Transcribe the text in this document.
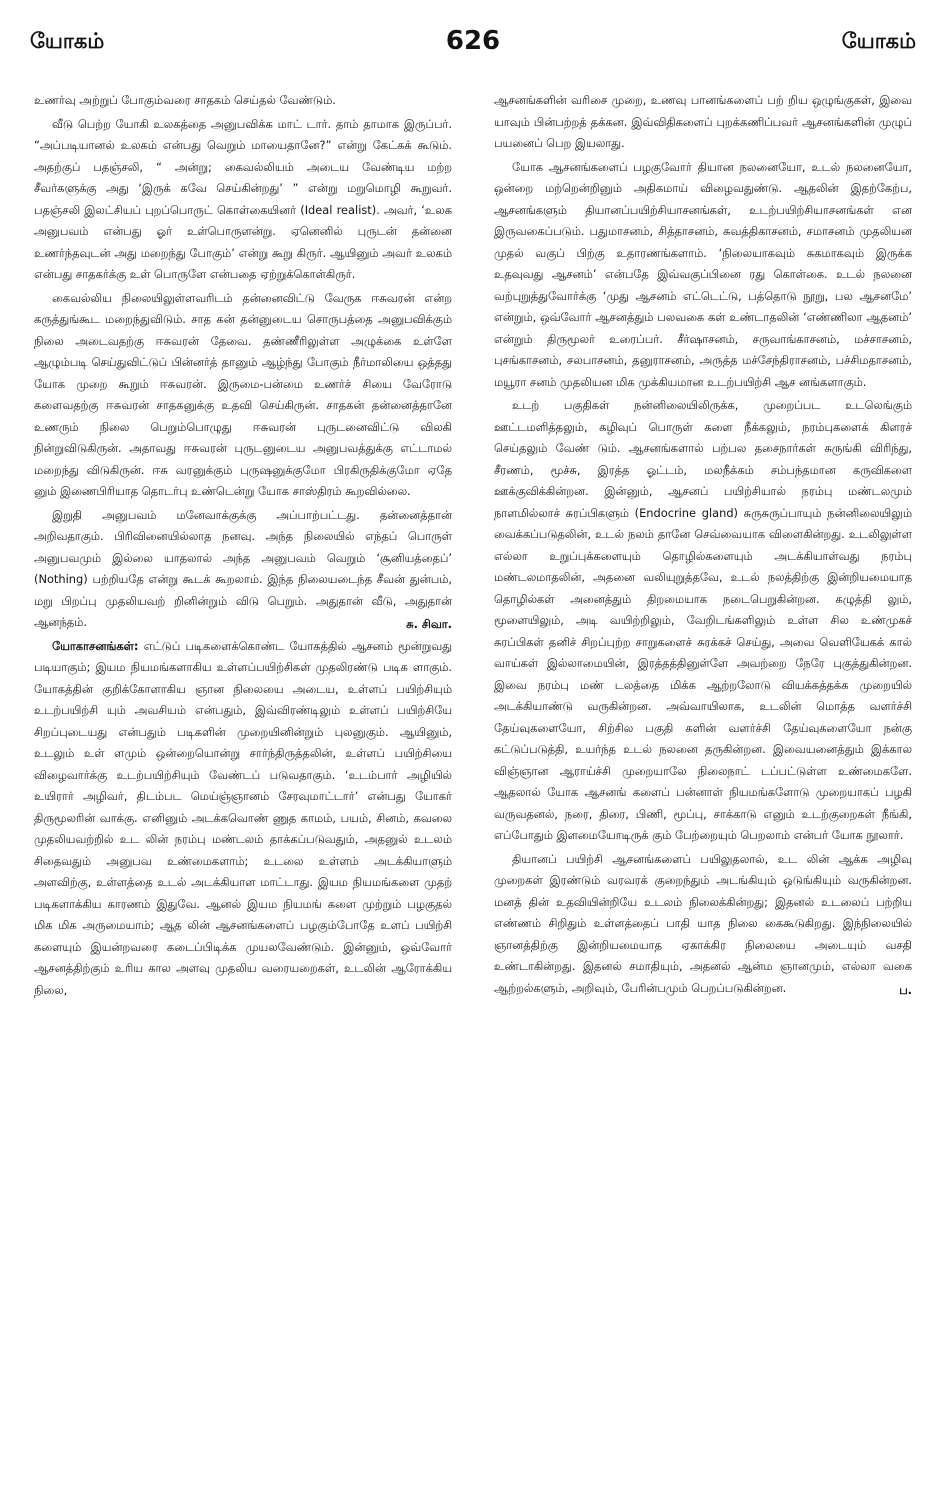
யோகம்	626	யோகம்

உணர்வு அற்றுப் போகும்வரை சாதகம் செய்தல் வேண்டும்.

வீடு பெற்ற யோகி உலகத்தை அனுபவிக்க மாட் டார். தாம் தாமாக இருப்பர். “அப்படியானல் உலகம் என்பது வெறும் மாயைதானே?” என்று கேட்கக் கூடும். அதற்குப் பதஞ்சலி, “ அன்று; கைவல்லியம் அடைய வேண்டிய மற்ற சீவர்களுக்கு அது ‘இருக் கவே செய்கின்றது’ ” என்று மறுமொழி கூறுவர். பதஞ்சலி இலட்சியப் புறப்பொருட் கொள்கையினர் (Ideal realist). அவர், ‘உலக அனுபவம் என்பது ஓர் உள்பொருளன்று. ஏனெனில் புருடன் தன்னை உணர்ந்தவுடன் அது மறைந்து போகும்’ என்று கூறு கிருர். ஆயினும் அவர் உலகம் என்பது சாதகர்க்கு உள் பொருளே என்பதை ஏற்றுக்கொள்கிருர்.

கைவல்லிய நிலையிலுள்ளவரிடம் தன்னைவிட்டு வேருக ஈசுவரன் என்ற கருத்துங்கூட மறைந்துவிடும். சாத கன் தன்னுடைய சொருபத்தை அனுபவிக்கும் நிலை அடைவதற்கு ஈசுவரன் தேவை. தண்ணீரிலுள்ள அழுக்கை உள்ளே ஆழும்படி செய்துவிட்டுப் பின்னர்த் தானும் ஆழ்ந்து போகும் நீர்மாலியை ஒத்தது யோக முறை கூறும் ஈசுவரன். இருமை-பன்மை உணர்ச் சியை வேரோடு களைவதற்கு ஈசுவரன் சாதகனுக்கு உதவி செய்கிருன். சாதகன் தன்னைத்தானே உணரும் நிலை பெறும்பொழுது ஈசுவரன் புருடனைவிட்டு விலகி நின்றுவிடுகிருன். அதாவது ஈசுவரன் புருடனுடைய அனுபவத்துக்கு எட்டாமல் மறைந்து விடுகிருன். ஈசு வரனுக்கும் புருஷனுக்குமோ பிரகிருதிக்குமோ ஏதே னும் இணைபிரியாத தொடர்பு உண்டென்று யோக சாஸ்திரம் கூறவில்லை.

இறுதி அனுபவம் மனேவாக்குக்கு அப்பாற்பட்டது. தன்னைத்தான் அறிவதாகும். பிரிவினையில்லாத நனவு. அந்த நிலையில் எந்தப் பொருள் அனுபவமும் இல்லை யாதலால் அந்த அனுபவம் வெறும் ‘சூனியத்தைப்’ (Nothing) பற்றியதே என்று கூடக் கூறலாம். இந்த நிலையடைந்த சீவன் துன்பம், மறு பிறப்பு முதலியவற் றினின்றும் விடு பெறும். அதுதான் வீடு, அதுதான் ஆனந்தம்.	சு. சிவா.

யோகாசனங்கள்: எட்டுப் படிகளைக்கொண்ட யோகத்தில் ஆசனம் மூன்றுவது படியாகும்; இயம நியமங்களாகிய உள்ளப்பயிற்சிகள் முதலிரண்டு படிக ளாகும். யோகத்தின் குறிக்கோளாகிய ஞான நிலையை அடைய, உள்ளப் பயிற்சியும் உடற்பயிற்சி யும் அவசியம் என்பதும், இவ்விரண்டிலும் உள்ளப் பயிற்சியே சிறப்புடையது என்பதும் படிகளின் முறையினின்றும் புலனுகும். ஆயினும், உடலும் உள் ளமும் ஒன்றையொன்று சார்ந்திருத்தலின், உள்ளப் பயிற்சியை விழைவார்க்கு உடற்பயிற்சியும் வேண்டப் படுவதாகும். ‘உடம்பார் அழியில் உயிரார் அழிவர், திடம்பட மெய்ஞ்ஞானம் சேரவுமாட்டார்’ என்பது யோகர் திருமூலரின் வாக்கு. எனினும் அடக்கவொண் ணுத காமம், பயம், சினம், கவலை முதலியவற்றில் உட லின் நரம்பு மண்டலம் தாக்கப்படுவதும், அதனுல் உடலம் சிதைவதும் அனுபவ உண்மைகளாம்; உடலை உள்ளம் அடக்கியாளும் அளவிற்கு, உள்ளத்தை உடல் அடக்கியாள மாட்டாது. இயம நியமங்களை முதற் படிகளாக்கிய காரணம் இதுவே. ஆனல் இயம நியமங் களை முற்றும் பழகுதல் மிக மிக அருமையாம்; ஆத லின் ஆசனங்களைப் பழகும்போதே உளப் பயிற்சி களையும் இயன்றவரை கடைப்பிடிக்க முயலவேண்டும். இன்னும், ஒவ்வோர் ஆசனத்திற்கும் உரிய கால அளவு முதலிய வரையறைகள், உடலின் ஆரோக்கிய நிலை,

ஆசனங்களின் வரிசை முறை, உணவு பானங்களைப் பற் றிய ஒழுங்குகள், இவை யாவும் பின்பற்றத் தக்கன. இவ்விதிகளைப் புறக்கணிப்பவர் ஆசனங்களின் முழுப் பயனைப் பெற இயலாது.

யோக ஆசனங்களைப் பழகுவோர் தியான நலனையோ, உடல் நலனையோ, ஒன்றை மற்றென்றினும் அதிகமாய் விழைவதுண்டு. ஆதலின் இதற்கேற்ப, ஆசனங்களும் தியானப்பயிற்சியாசனங்கள், உடற்பயிற்சியாசனங்கள் என இருவகைப்படும். பதுமாசனம், சித்தாசனம், சுவத்திகாசனம், சமாசனம் முதலியன முதல் வகுப் பிற்கு உதாரணங்களாம். ‘நிலையாகவும் சுகமாகவும் இருக்க உதவுவது ஆசனம்’ என்பதே இவ்வகுப்பினை ரது கொள்கை. உடல் நலனை வற்புறுத்துவோர்க்கு ‘முது ஆசனம் எட்டெட்டு, பத்தொடு நூறு, பல ஆசனமே’ என்றும், ஒவ்வோர் ஆசனத்தும் பலவகை கள் உண்டாதலின் ‘எண்ணிலா ஆதனம்’ என்றும் திருமூலர் உரைப்பர். சீர்ஷாசனம், சருவாங்காசனம், மச்சாசனம், புசங்காசனம், சலபாசனம், தனுராசனம், அருத்த மச்சேந்திராசனம், பச்சிமதாசனம், மயூரா சனம் முதலியன மிக முக்கியமான உடற்பயிற்சி ஆச னங்களாகும்.

உடற் பகுதிகள் நன்னிலையிலிருக்க, முறைப்பட உடலெங்கும் ஊட்டமளித்தலும், கழிவுப் பொருள் களை நீக்கலும், நரம்புகளைக் கிளரச் செய்தலும் வேண் டும். ஆசனங்களால் பற்பல தசைநார்கள் சுருங்கி விரிந்து, சீரணம், மூச்சு, இரத்த ஓட்டம், மலநீக்கம் சம்பந்தமான கருவிகளை ஊக்குவிக்கின்றன. இன்னும், ஆசனப் பயிற்சியால் நரம்பு மண்டலமும் நாளமில்லாச் சுரப்பிகளும் (Endocrine gland) சுருசுருப்பாயும் நன்னிலையிலும் வைக்கப்படுதலின், உடல் நலம் தானே செவ்வையாக விளைகின்றது. உடலிலுள்ள எல்லா உறுப்புக்களையும் தொழில்களையும் அடக்கியாள்வது நரம்பு மண்டலமாதலின், அதனை வலியுறுத்தவே, உடல் நலத்திற்கு இன்றியமையாத தொழில்கள் அனைத்தும் திறமையாக நடைபெறுகின்றன. கழுத்தி லும், மூளையிலும், அடி வயிற்றிலும், வேறிடங்களிலும் உள்ள சில உண்முகச் சுரப்பிகள் தனிச் சிறப்புற்ற சாறுகளைச் சுரக்கச் செய்து, அவை வெளியேகக் கால் வாய்கள் இல்லாமையின், இரத்தத்தினுள்ளே அவற்றை நேரே புகுத்துகின்றன. இவை நரம்பு மண் டலத்தை மிக்க ஆற்றலோடு வியக்கத்தக்க முறையில் அடக்கியாண்டு வருகின்றன. அவ்வாயிலாக, உடலின் மொத்த வளர்ச்சி தேய்வுகளையோ, சிற்சில பகுதி களின் வளர்ச்சி தேய்வுகளையோ நன்கு கட்டுப்படுத்தி, உயர்ந்த உடல் நலனை தருகின்றன. இவையனைத்தும் இக்கால விஞ்ஞான ஆராய்ச்சி முறையாலே நிலைநாட் டப்பட்டுள்ள உண்மைகளே. ஆதலால் யோக ஆசனங் களைப் பன்னாள் நியமங்களோடு முறையாகப் பழகி வருவதனல், நரை, திரை, பிணி, மூப்பு, சாக்காடு எனும் உடற்குறைகள் நீங்கி, எப்போதும் இளமையோடிருக் கும் பேற்றையும் பெறலாம் என்பர் யோக நூலார்.

தியானப் பயிற்சி ஆசனங்களைப் பயிலுதலால், உட லின் ஆக்க அழிவு முறைகள் இரண்டும் வரவரக் குறைந்தும் அடங்கியும் ஒடுங்கியும் வருகின்றன. மனத் தின் உதவியின்றியே உடலம் நிலைக்கின்றது; இதனல் உடலைப் பற்றிய எண்ணம் சிறிதும் உள்ளத்தைப் பாதி யாத நிலை கைகூடுகிறது. இந்நிலையில் ஞானத்திற்கு இன்றியமையாத ஏகாக்கிர நிலையை அடையும் வசதி உண்டாகின்றது. இதனல் சமாதியும், அதனல் ஆன்ம ஞானமும், எல்லா வகை ஆற்றல்களும், அறிவும், பேரின்பமும் பெறப்படுகின்றன.	ப.
